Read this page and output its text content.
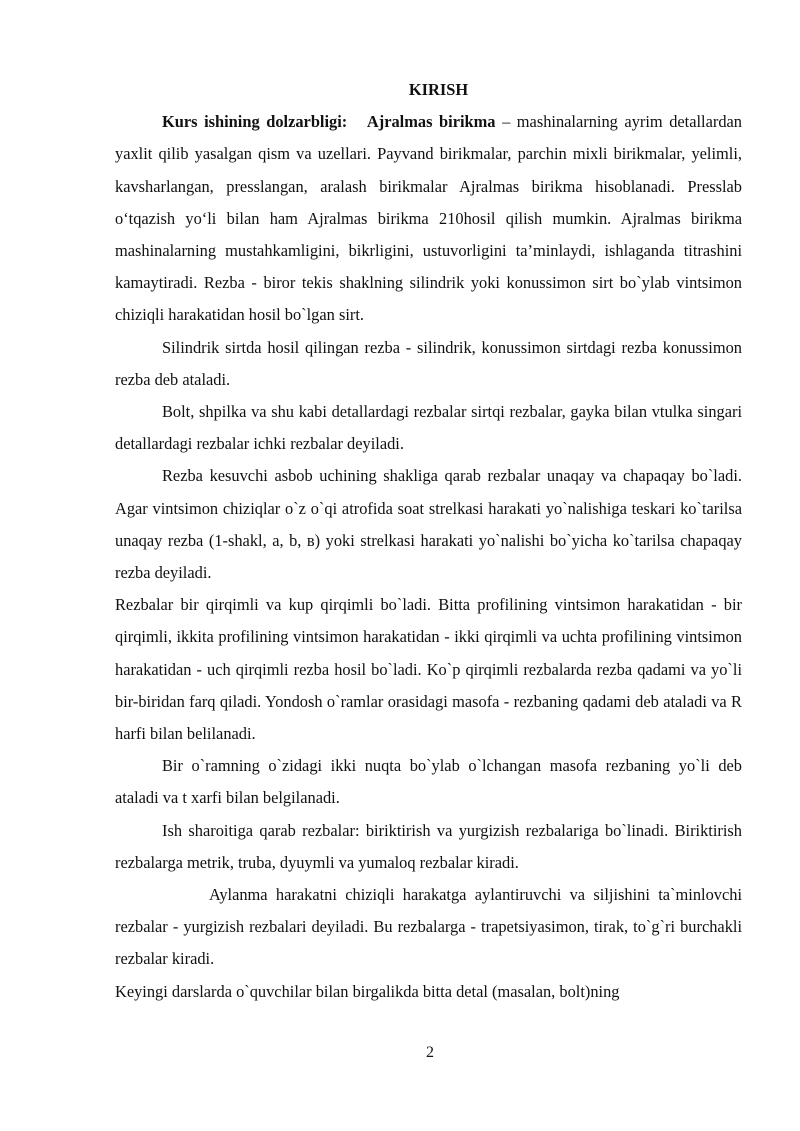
KIRISH

Kurs ishining dolzarbligi: Ajralmas birikma – mashinalarning ayrim detallardan yaxlit qilib yasalgan qism va uzellari. Payvand birikmalar, parchin mixli birikmalar, yelimli, kavsharlangan, presslangan, aralash birikmalar Ajralmas birikma hisoblanadi. Presslab o‘tqazish yo‘li bilan ham Ajralmas birikma 210hosil qilish mumkin. Ajralmas birikma mashinalarning mustahkamligini, bikrligini, ustuvorligini ta’minlaydi, ishlaganda titrashini kamaytiradi. Rezba - biror tekis shaklning silindrik yoki konussimon sirt bo`ylab vintsimon chiziqli harakatidan hosil bo`lgan sirt.

Silindrik sirtda hosil qilingan rezba - silindrik, konussimon sirtdagi rezba konussimon rezba deb ataladi.

Bolt, shpilka va shu kabi detallardagi rezbalar sirtqi rezbalar, gayka bilan vtulka singari detallardagi rezbalar ichki rezbalar deyiladi.

Rezba kesuvchi asbob uchining shakliga qarab rezbalar unaqay va chapaqay bo`ladi. Agar vintsimon chiziqlar o`z o`qi atrofida soat strelkasi harakati yo`nalishiga teskari ko`tarilsa unaqay rezba (1-shakl, a, b, в) yoki strelkasi harakati yo`nalishi bo`yicha ko`tarilsa chapaqay rezba deyiladi.

Rezbalar bir qirqimli va kup qirqimli bo`ladi. Bitta profilining vintsimon harakatidan - bir qirqimli, ikkita profilining vintsimon harakatidan - ikki qirqimli va uchta profilining vintsimon harakatidan - uch qirqimli rezba hosil bo`ladi. Ko`p qirqimli rezbalarda rezba qadami va yo`li bir-biridan farq qiladi. Yondosh o`ramlar orasidagi masofa - rezbaning qadami deb ataladi va R harfi bilan belilanadi.

Bir o`ramning o`zidagi ikki nuqta bo`ylab o`lchangan masofa rezbaning yo`li deb ataladi va t xarfi bilan belgilanadi.

Ish sharoitiga qarab rezbalar: biriktirish va yurgizish rezbalariga bo`linadi. Biriktirish rezbalarga metrik, truba, dyuymli va yumaloq rezbalar kiradi.

Aylanma harakatni chiziqli harakatga aylantiruvchi va siljishini ta`minlovchi rezbalar - yurgizish rezbalari deyiladi. Bu rezbalarga - trapetsiyasimon, tirak, to`g`ri burchakli rezbalar kiradi.

Keyingi darslarda o`quvchilar bilan birgalikda bitta detal (masalan, bolt)ning

2
